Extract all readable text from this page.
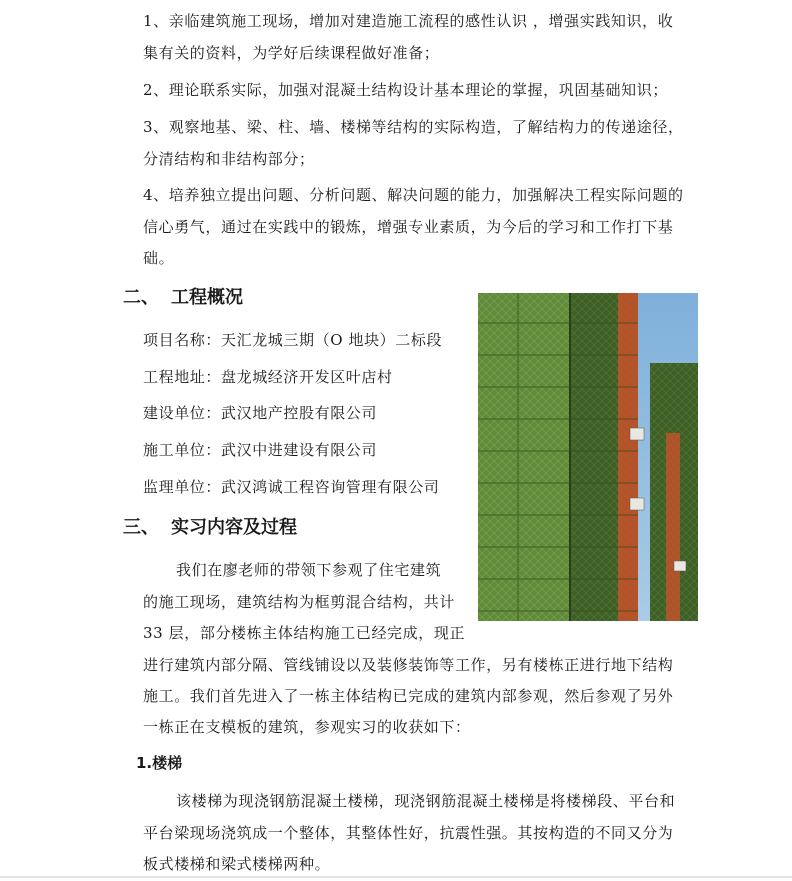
1、亲临建筑施工现场，增加对建造施工流程的感性认识 ，增强实践知识，收
集有关的资料，为学好后续课程做好准备；
2、理论联系实际，加强对混凝土结构设计基本理论的掌握，巩固基础知识；
3、观察地基、梁、柱、墙、楼梯等结构的实际构造，了解结构力的传递途径，
分清结构和非结构部分；
4、培养独立提出问题、分析问题、解决问题的能力，加强解决工程实际问题的
信心勇气，通过在实践中的锻炼，增强专业素质，为今后的学习和工作打下基
础。
二、 工程概况
项目名称：天汇龙城三期（O 地块）二标段
工程地址：盘龙城经济开发区叶店村
建设单位：武汉地产控股有限公司
施工单位：武汉中进建设有限公司
监理单位：武汉鸿诚工程咨询管理有限公司
三、 实习内容及过程
我们在廖老师的带领下参观了住宅建筑
的施工现场，建筑结构为框剪混合结构，共计
33 层，部分楼栋主体结构施工已经完成，现正
进行建筑内部分隔、管线铺设以及装修装饰等工作，另有楼栋正进行地下结构
施工。我们首先进入了一栋主体结构已完成的建筑内部参观，然后参观了另外
一栋正在支模板的建筑，参观实习的收获如下：
1.楼梯
该楼梯为现浇钢筋混凝土楼梯，现浇钢筋混凝土楼梯是将楼梯段、平台和
平台梁现场浇筑成一个整体，其整体性好，抗震性强。其按构造的不同又分为
板式楼梯和梁式楼梯两种。
